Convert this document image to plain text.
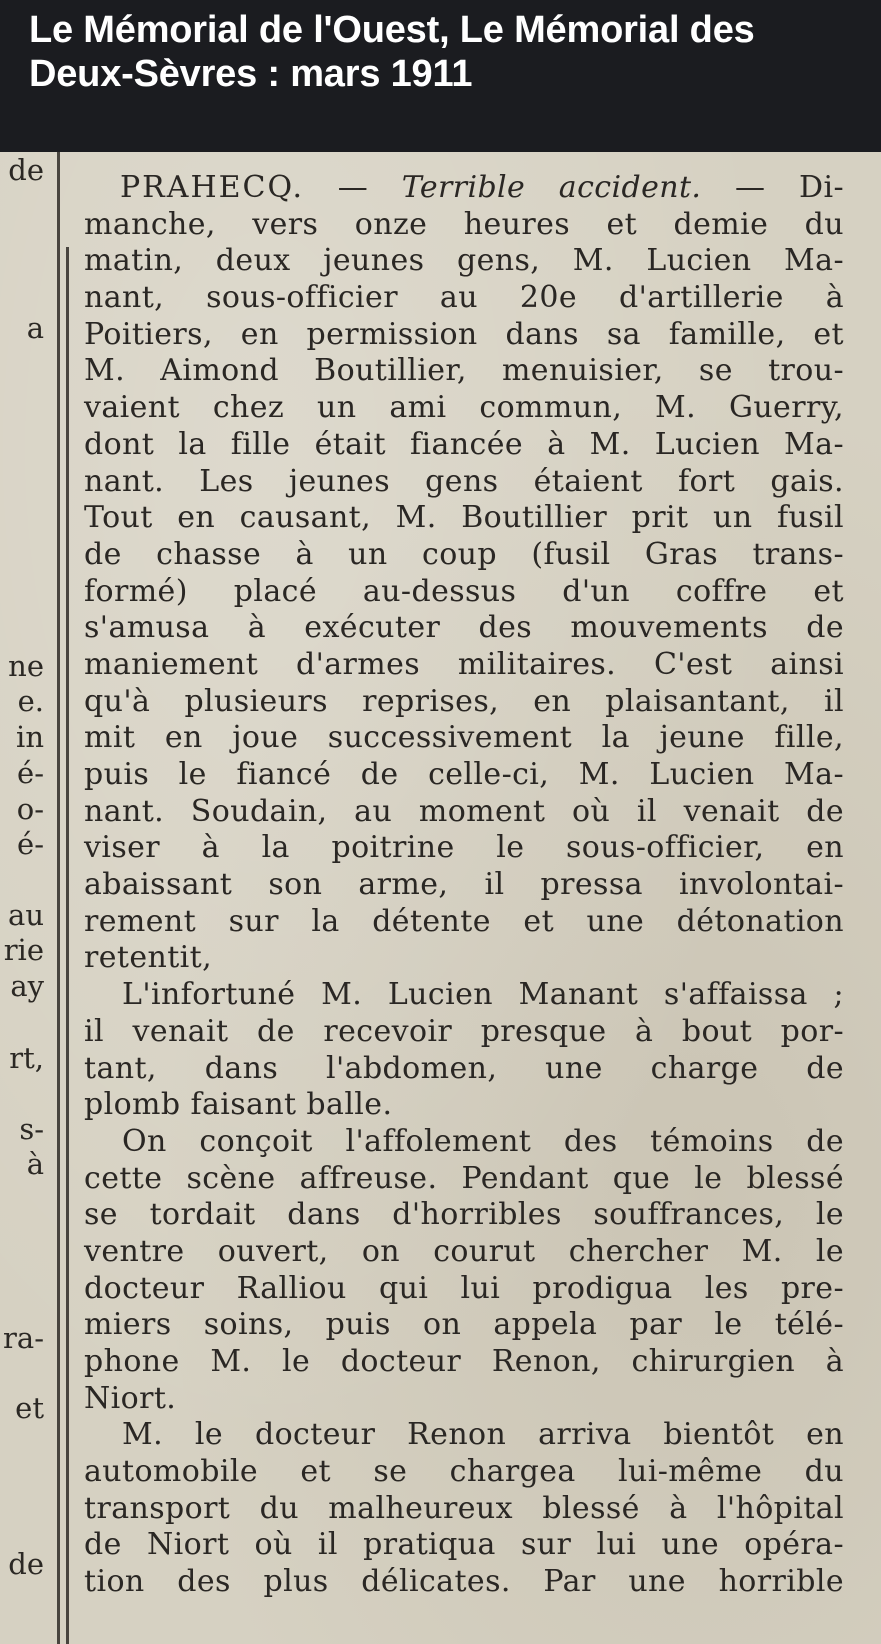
Le Mémorial de l'Ouest, Le Mémorial des Deux-Sèvres : mars 1911

de

a

ne

e.

in

é-

o-

é-

au

rie

ay

rt,

s-

à

ra-

et

de

PRAHECQ. — Terrible accident. — Di-

manche, vers onze heures et demie du

matin, deux jeunes gens, M. Lucien Ma-

nant, sous-officier au 20e d'artillerie à

Poitiers, en permission dans sa famille, et

M. Aimond Boutillier, menuisier, se trou-

vaient chez un ami commun, M. Guerry,

dont la fille était fiancée à M. Lucien Ma-

nant. Les jeunes gens étaient fort gais.

Tout en causant, M. Boutillier prit un fusil

de chasse à un coup (fusil Gras trans-

formé) placé au-dessus d'un coffre et

s'amusa à exécuter des mouvements de

maniement d'armes militaires. C'est ainsi

qu'à plusieurs reprises, en plaisantant, il

mit en joue successivement la jeune fille,

puis le fiancé de celle-ci, M. Lucien Ma-

nant. Soudain, au moment où il venait de

viser à la poitrine le sous-officier, en

abaissant son arme, il pressa involontai-

rement sur la détente et une détonation

retentit,

L'infortuné M. Lucien Manant s'affaissa ;

il venait de recevoir presque à bout por-

tant, dans l'abdomen, une charge de

plomb faisant balle.

On conçoit l'affolement des témoins de

cette scène affreuse. Pendant que le blessé

se tordait dans d'horribles souffrances, le

ventre ouvert, on courut chercher M. le

docteur Ralliou qui lui prodigua les pre-

miers soins, puis on appela par le télé-

phone M. le docteur Renon, chirurgien à

Niort.

M. le docteur Renon arriva bientôt en

automobile et se chargea lui-même du

transport du malheureux blessé à l'hôpital

de Niort où il pratiqua sur lui une opéra-

tion des plus délicates. Par une horrible
